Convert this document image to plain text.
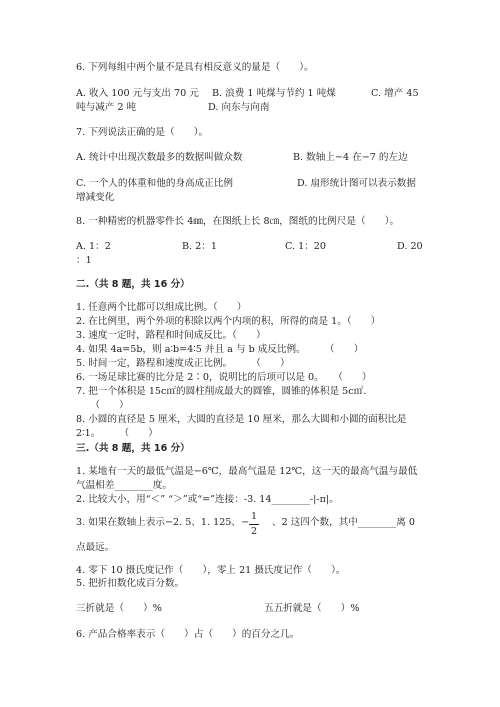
6. 下列每组中两个量不是具有相反意义的量是（　　）。
A. 收入 100 元与支出 70 元 B. 浪费 1 吨煤与节约 1 吨煤	C. 增产 45
吨与减产 2 吨	D. 向东与向南
7. 下列说法正确的是（　　）。
A. 统计中出现次数最多的数据叫做众数	B. 数轴上−4 在−7 的左边
C. 一个人的体重和他的身高成正比例	D. 扇形统计图可以表示数据
增减变化
8. 一种精密的机器零件长 4㎜，在图纸上长 8㎝，图纸的比例尺是（　　）。
A. 1：2	B. 2：1	C. 1：20	D. 20
：1
二.（共 8 题，共 16 分）
1. 任意两个比都可以组成比例。（　　）
2. 在比例里，两个外项的积除以两个内项的积，所得的商是 1。（　　）
3. 速度一定时，路程和时间成反比。（　　）
4. 如果 4a=5b，则 a∶b=4∶5 并且 a 与 b 成反比例。　　　（　　）
5. 时间一定，路程和速度成正比例。　　　（　　）
6. 一场足球比赛的比分是 2∶0，说明比的后项可以是 0。　　（　　）
7. 把一个体积是 15c㎡的圆柱削成最大的圆锥，圆锥的体积是 5c㎡．
　　（　　）
8. 小圆的直径是 5 厘米，大圆的直径是 10 厘米，那么大圆和小圆的面积比是
2∶1。　　　（　　）
三.（共 8 题，共 16 分）
1. 某地有一天的最低气温是−6℃，最高气温是 12℃，这一天的最高气温与最低
气温相差________度。
2. 比较大小，用“＜” “＞”或“=”连接：-3. 14________-|-π|。
3. 如果在数轴上表示−2. 5、1. 125、−
1
2
、2 这四个数，其中________离 0
点最远。
4. 零下 10 摄氏度记作（　　），零上 21 摄氏度记作（　　）。
5. 把折扣数化成百分数。
三折就是（　　）%	五五折就是（　　）%
6. 产品合格率表示（　　）占（　　）的百分之几。
